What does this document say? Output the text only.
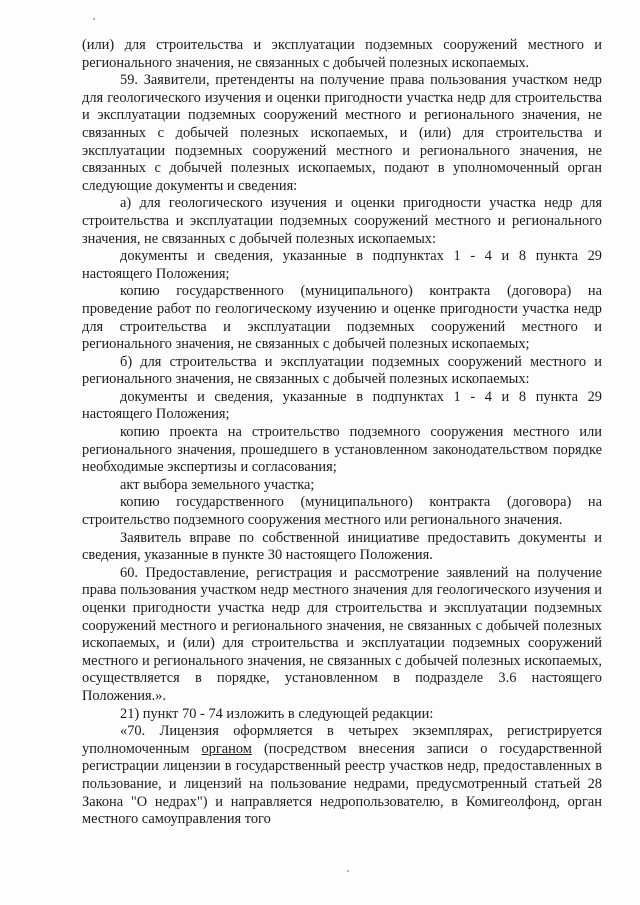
(или) для строительства и эксплуатации подземных сооружений местного и регионального значения, не связанных с добычей полезных ископаемых.

59. Заявители, претенденты на получение права пользования участком недр для геологического изучения и оценки пригодности участка недр для строительства и эксплуатации подземных сооружений местного и регионального значения, не связанных с добычей полезных ископаемых, и (или) для строительства и эксплуатации подземных сооружений местного и регионального значения, не связанных с добычей полезных ископаемых, подают в уполномоченный орган следующие документы и сведения:

а) для геологического изучения и оценки пригодности участка недр для строительства и эксплуатации подземных сооружений местного и регионального значения, не связанных с добычей полезных ископаемых:

документы и сведения, указанные в подпунктах 1 - 4 и 8 пункта 29 настоящего Положения;

копию государственного (муниципального) контракта (договора) на проведение работ по геологическому изучению и оценке пригодности участка недр для строительства и эксплуатации подземных сооружений местного и регионального значения, не связанных с добычей полезных ископаемых;

б) для строительства и эксплуатации подземных сооружений местного и регионального значения, не связанных с добычей полезных ископаемых:

документы и сведения, указанные в подпунктах 1 - 4 и 8 пункта 29 настоящего Положения;

копию проекта на строительство подземного сооружения местного или регионального значения, прошедшего в установленном законодательством порядке необходимые экспертизы и согласования;

акт выбора земельного участка;

копию государственного (муниципального) контракта (договора) на строительство подземного сооружения местного или регионального значения.

Заявитель вправе по собственной инициативе предоставить документы и сведения, указанные в пункте 30 настоящего Положения.

60. Предоставление, регистрация и рассмотрение заявлений на получение права пользования участком недр местного значения для геологического изучения и оценки пригодности участка недр для строительства и эксплуатации подземных сооружений местного и регионального значения, не связанных с добычей полезных ископаемых, и (или) для строительства и эксплуатации подземных сооружений местного и регионального значения, не связанных с добычей полезных ископаемых, осуществляется в порядке, установленном в подразделе 3.6 настоящего Положения.».

21) пункт 70 - 74 изложить в следующей редакции:

«70. Лицензия оформляется в четырех экземплярах, регистрируется уполномоченным органом (посредством внесения записи о государственной регистрации лицензии в государственный реестр участков недр, предоставленных в пользование, и лицензий на пользование недрами, предусмотренный статьей 28 Закона "О недрах") и направляется недропользователю, в Комигеолфонд, орган местного самоуправления того
